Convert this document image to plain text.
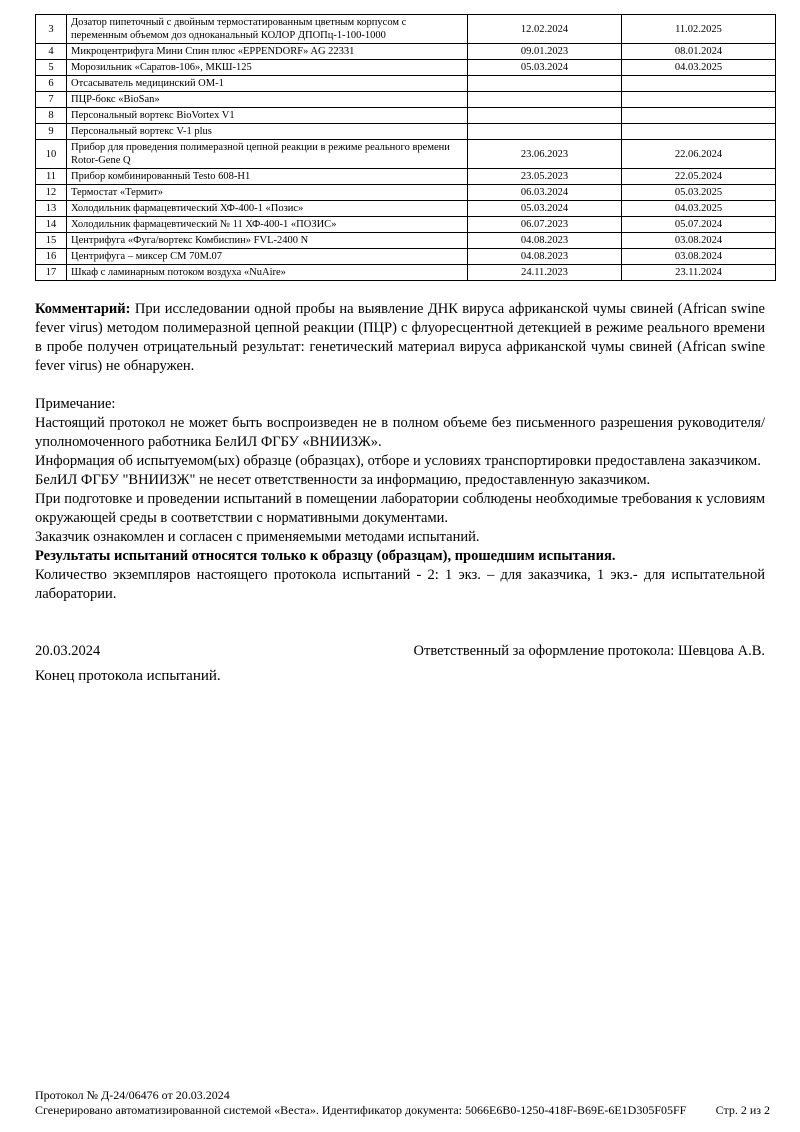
3	Дозатор пипеточный с двойным термостатированным цветным корпусом с переменным объемом доз одноканальный КОЛОР ДПОПц-1-100-1000	12.02.2024	11.02.2025
4	Микроцентрифуга Мини Спин плюс «EPPENDORF» AG 22331	09.01.2023	08.01.2024
5	Морозильник «Саратов-106», МКШ-125	05.03.2024	04.03.2025
6	Отсасыватель медицинский ОМ-1		
7	ПЦР-бокс «BioSan»		
8	Персональный вортекс BioVortex V1		
9	Персональный вортекс V-1 plus		
10	Прибор для проведения полимеразной цепной реакции в режиме реального времени Rotor-Gene Q	23.06.2023	22.06.2024
11	Прибор комбинированный Testo 608-H1	23.05.2023	22.05.2024
12	Термостат «Термит»	06.03.2024	05.03.2025
13	Холодильник фармацевтический ХФ-400-1 «Позис»	05.03.2024	04.03.2025
14	Холодильник фармацевтический № 11 ХФ-400-1 «ПОЗИС»	06.07.2023	05.07.2024
15	Центрифуга «Фуга/вортекс Комбиспин» FVL-2400 N	04.08.2023	03.08.2024
16	Центрифуга – миксер СМ 70М.07	04.08.2023	03.08.2024
17	Шкаф с ламинарным потоком воздуха «NuAire»	24.11.2023	23.11.2024

Комментарий: При исследовании одной пробы на выявление ДНК вируса африканской чумы свиней (African swine fever virus) методом полимеразной цепной реакции (ПЦР) с флуоресцентной детекцией в режиме реального времени в пробе получен отрицательный результат: генетический материал вируса африканской чумы свиней (African swine fever virus) не обнаружен.

Примечание:

Настоящий протокол не может быть воспроизведен не в полном объеме без письменного разрешения руководителя/уполномоченного работника БелИЛ ФГБУ «ВНИИЗЖ».

Информация об испытуемом(ых) образце (образцах), отборе и условиях транспортировки предоставлена заказчиком.

БелИЛ ФГБУ "ВНИИЗЖ" не несет ответственности за информацию, предоставленную заказчиком.

При подготовке и проведении испытаний в помещении лаборатории соблюдены необходимые требования к условиям окружающей среды в соответствии с нормативными документами.

Заказчик ознакомлен и согласен с применяемыми методами испытаний.

Результаты испытаний относятся только к образцу (образцам), прошедшим испытания.

Количество экземпляров настоящего протокола испытаний - 2: 1 экз. – для заказчика, 1 экз.- для испытательной лаборатории.

20.03.2024	Ответственный за оформление протокола: Шевцова А.В.

Конец протокола испытаний.

Протокол № Д-24/06476 от 20.03.2024
Сгенерировано автоматизированной системой «Веста». Идентификатор документа: 5066E6B0-1250-418F-B69E-6E1D305F05FF Стр. 2 из 2
